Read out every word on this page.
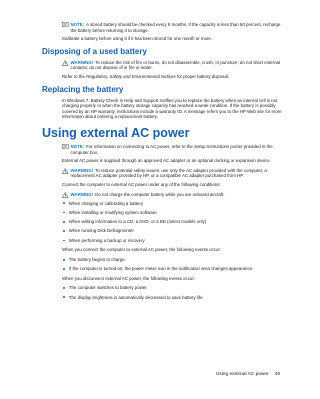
NOTE: A stored battery should be checked every 6 months. If the capacity is less than 50 percent, recharge the battery before returning it to storage.

Calibrate a battery before using it if it has been stored for one month or more.

Disposing of a used battery
WARNING! To reduce the risk of fire or burns, do not disassemble, crush, or puncture; do not short external contacts; do not dispose of in fire or water.

Refer to the Regulatory, Safety and Environmental Notices for proper battery disposal.

Replacing the battery

In Windows 7, Battery Check in Help and Support notifies you to replace the battery when an internal cell is not charging properly or when the battery storage capacity has reached a weak condition. If the battery is possibly covered by an HP warranty, instructions include a warranty ID. A message refers you to the HP Web site for more information about ordering a replacement battery.

Using external AC power
NOTE: For information on connecting to AC power, refer to the Setup Instructions poster provided in the computer box.

External AC power is supplied through an approved AC adapter or an optional docking or expansion device.

WARNING! To reduce potential safety issues, use only the AC adapter provided with the computer, a replacement AC adapter provided by HP, or a compatible AC adapter purchased from HP.

Connect the computer to external AC power under any of the following conditions:

WARNING! Do not charge the computer battery while you are onboard aircraft.
When charging or calibrating a battery
When installing or modifying system software
When writing information to a CD, a DVD, or a BD (select models only)
When running Disk Defragmenter
When performing a backup or recovery

When you connect the computer to external AC power, the following events occur:

The battery begins to charge.
If the computer is turned on, the power meter icon in the notification area changes appearance.

When you disconnect external AC power, the following events occur:

The computer switches to battery power.
The display brightness is automatically decreased to save battery life.
Using external AC power 49
